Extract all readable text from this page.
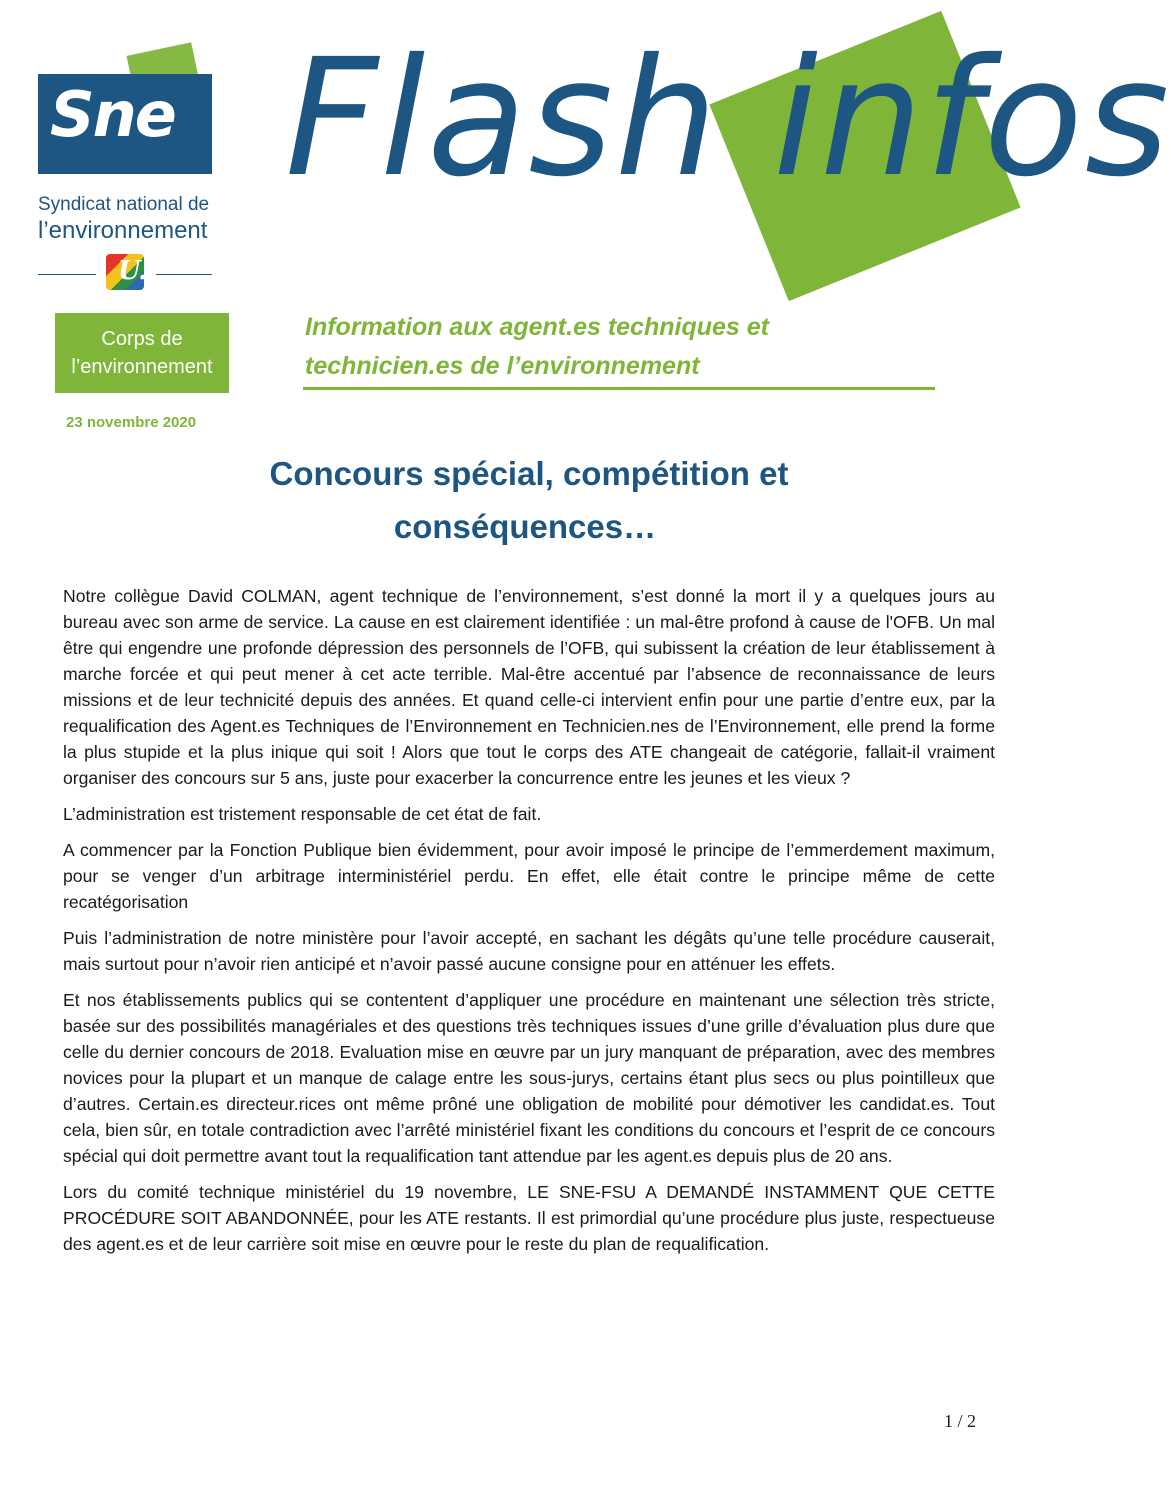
Sne
Syndicat national de
l’environnement
U.
Flash infos
Corps de
l’environnement
23 novembre 2020
Information aux agent.es techniques et
technicien.es de l’environnement
Concours spécial, compétition et
conséquences…

Notre collègue David COLMAN, agent technique de l’environnement, s’est donné la mort il y a quelques jours au bureau avec son arme de service. La cause en est clairement identifiée : un mal-être profond à cause de l'OFB. Un mal être qui engendre une profonde dépression des personnels de l’OFB, qui subissent la création de leur établissement à marche forcée et qui peut mener à cet acte terrible. Mal-être accentué par l’absence de reconnaissance de leurs missions et de leur technicité depuis des années. Et quand celle-ci intervient enfin pour une partie d’entre eux, par la requalification des Agent.es Techniques de l’Environnement en Technicien.nes de l’Environnement, elle prend la forme la plus stupide et la plus inique qui soit ! Alors que tout le corps des ATE changeait de catégorie, fallait-il vraiment organiser des concours sur 5 ans, juste pour exacerber la concurrence entre les jeunes et les vieux ?

L’administration est tristement responsable de cet état de fait.

A commencer par la Fonction Publique bien évidemment, pour avoir imposé le principe de l’emmerdement maximum, pour se venger d’un arbitrage interministériel perdu. En effet, elle était contre le principe même de cette recatégorisation

Puis l’administration de notre ministère pour l’avoir accepté, en sachant les dégâts qu’une telle procédure causerait, mais surtout pour n’avoir rien anticipé et n’avoir passé aucune consigne pour en atténuer les effets.

Et nos établissements publics qui se contentent d’appliquer une procédure en maintenant une sélection très stricte, basée sur des possibilités managériales et des questions très techniques issues d’une grille d’évaluation plus dure que celle du dernier concours de 2018. Evaluation mise en œuvre par un jury manquant de préparation, avec des membres novices pour la plupart et un manque de calage entre les sous-jurys, certains étant plus secs ou plus pointilleux que d’autres. Certain.es directeur.rices ont même prôné une obligation de mobilité pour démotiver les candidat.es. Tout cela, bien sûr, en totale contradiction avec l’arrêté ministériel fixant les conditions du concours et l’esprit de ce concours spécial qui doit permettre avant tout la requalification tant attendue par les agent.es depuis plus de 20 ans.

Lors du comité technique ministériel du 19 novembre, LE SNE-FSU A DEMANDÉ INSTAMMENT QUE CETTE PROCÉDURE SOIT ABANDONNÉE, pour les ATE restants. Il est primordial qu’une procédure plus juste, respectueuse des agent.es et de leur carrière soit mise en œuvre pour le reste du plan de requalification.

1 / 2
